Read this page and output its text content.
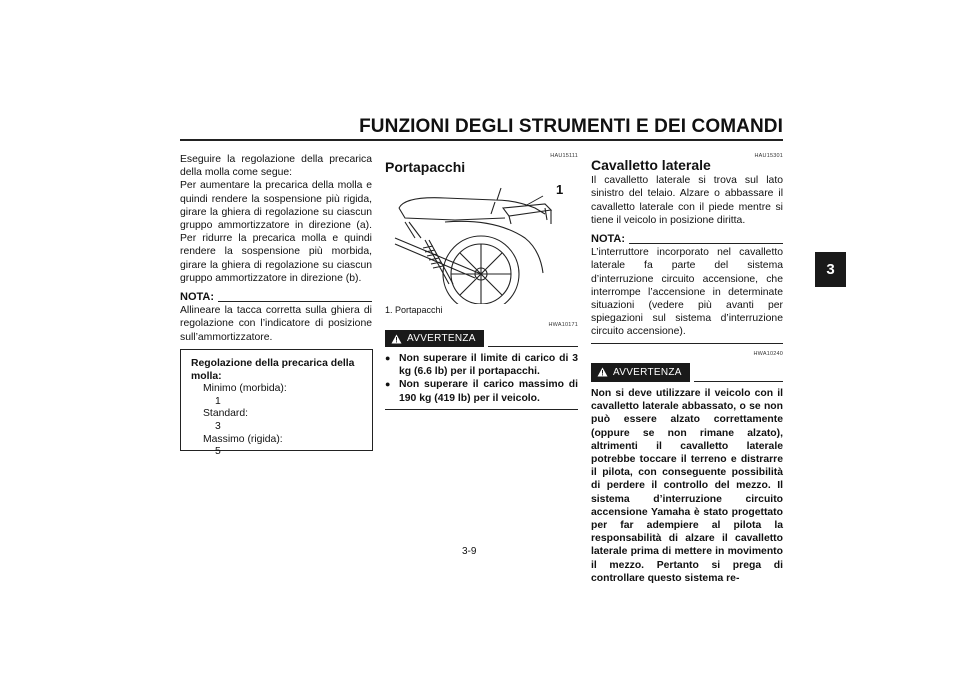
FUNZIONI DEGLI STRUMENTI E DEI COMANDI
3

Eseguire la regolazione della precarica della molla come segue:

Per aumentare la precarica della molla e quindi rendere la sospensione più rigida, girare la ghiera di regolazione su ciascun gruppo ammortizzatore in direzione (a). Per ridurre la precarica molla e quindi rendere la sospensione più morbida, girare la ghiera di regolazione su ciascun gruppo ammortizzatore in direzione (b).

NOTA:

Allineare la tacca corretta sulla ghiera di regolazione con l’indicatore di posizione sull’ammortizzatore.

Regolazione della precarica della molla:
Minimo (morbida):
1
Standard:
3
Massimo (rigida):
5
HAU15111
Portapacchi
1
1. Portapacchi
HWA10171
AVVERTENZA
● Non superare il limite di carico di 3 kg (6.6 lb) per il portapacchi.
● Non superare il carico massimo di 190 kg (419 lb) per il veicolo.
HAU15301
Cavalletto laterale

Il cavalletto laterale si trova sul lato sinistro del telaio. Alzare o abbassare il cavalletto laterale con il piede mentre si tiene il veicolo in posizione diritta.

NOTA:

L’interruttore incorporato nel cavalletto laterale fa parte del sistema d’interruzione circuito accensione, che interrompe l’accensione in determinate situazioni (vedere più avanti per spiegazioni sul sistema d’interruzione circuito accensione).

HWA10240
AVVERTENZA

Non si deve utilizzare il veicolo con il cavalletto laterale abbassato, o se non può essere alzato correttamente (oppure se non rimane alzato), altrimenti il cavalletto laterale potrebbe toccare il terreno e distrarre il pilota, con conseguente possibilità di perdere il controllo del mezzo. Il sistema d’interruzione circuito accensione Yamaha è stato progettato per far adempiere al pilota la responsabilità di alzare il cavalletto laterale prima di mettere in movimento il mezzo. Pertanto si prega di controllare questo sistema re-

3-9
